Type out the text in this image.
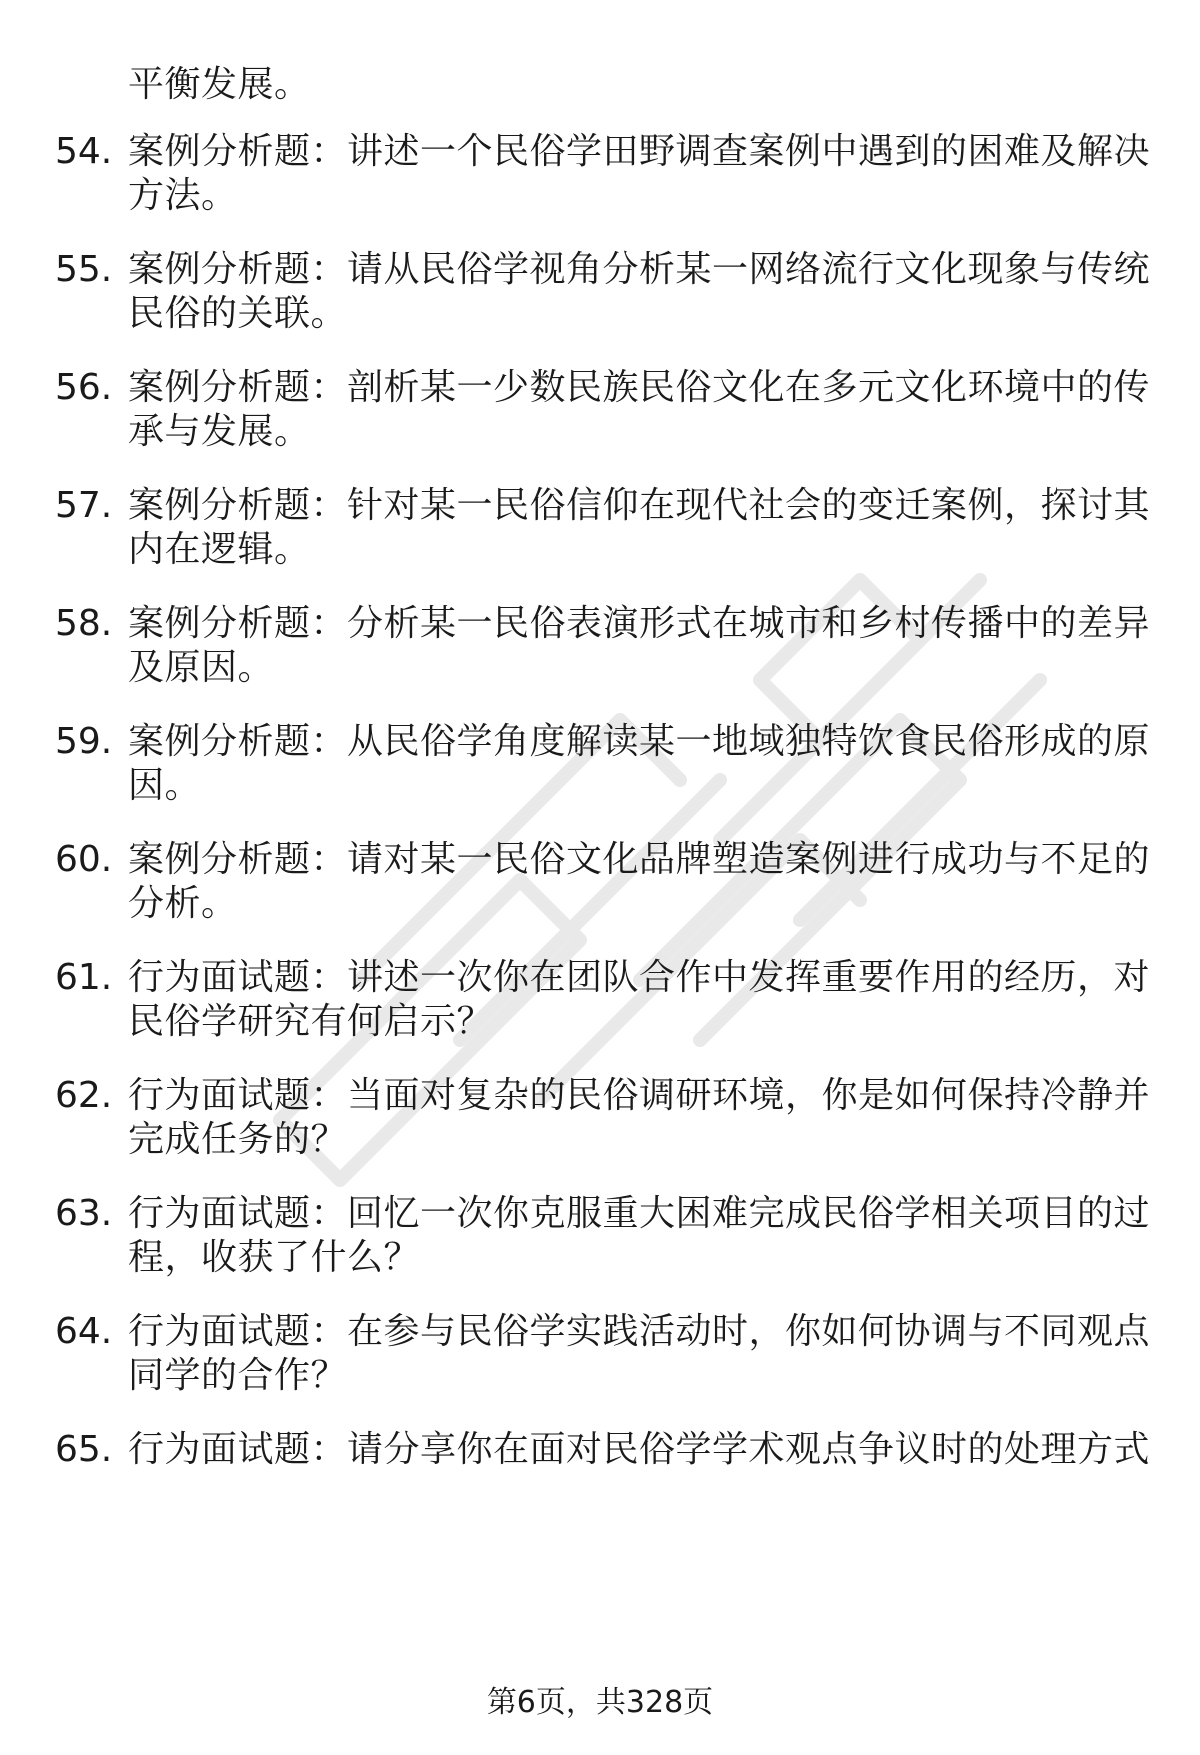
平衡发展。
54. 案例分析题：讲述一个民俗学田野调查案例中遇到的困难及解决
方法。
55. 案例分析题：请从民俗学视角分析某一网络流行文化现象与传统
民俗的关联。
56. 案例分析题：剖析某一少数民族民俗文化在多元文化环境中的传
承与发展。
57. 案例分析题：针对某一民俗信仰在现代社会的变迁案例，探讨其
内在逻辑。
58. 案例分析题：分析某一民俗表演形式在城市和乡村传播中的差异
及原因。
59. 案例分析题：从民俗学角度解读某一地域独特饮食民俗形成的原
因。
60. 案例分析题：请对某一民俗文化品牌塑造案例进行成功与不足的
分析。
61. 行为面试题：讲述一次你在团队合作中发挥重要作用的经历，对
民俗学研究有何启示？
62. 行为面试题：当面对复杂的民俗调研环境，你是如何保持冷静并
完成任务的？
63. 行为面试题：回忆一次你克服重大困难完成民俗学相关项目的过
程，收获了什么？
64. 行为面试题：在参与民俗学实践活动时，你如何协调与不同观点
同学的合作？
65. 行为面试题：请分享你在面对民俗学学术观点争议时的处理方式
第6页，共328页
